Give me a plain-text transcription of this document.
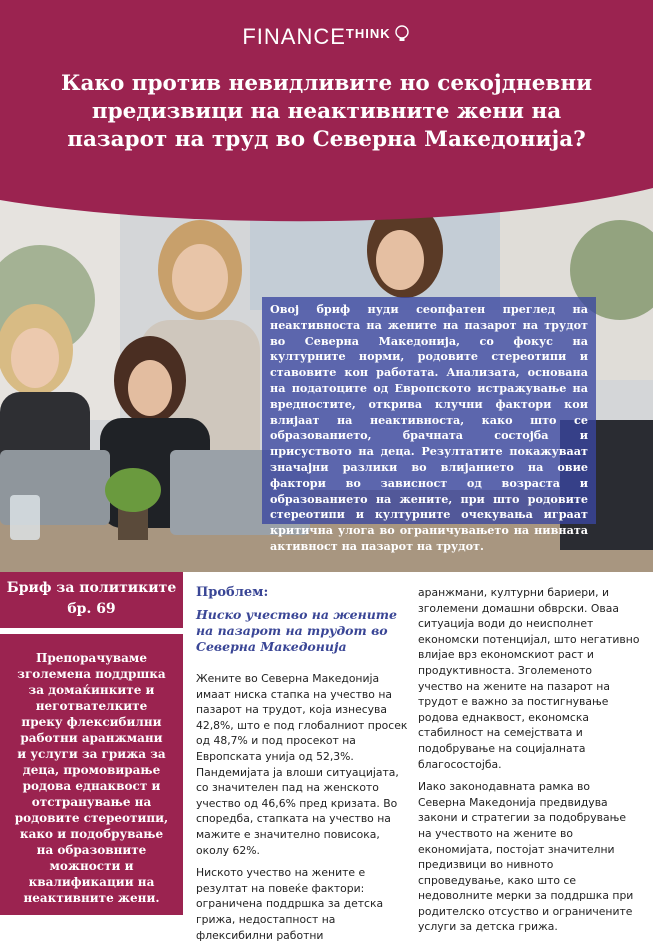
$FINANCE^{THINK}$
Како против невидливите но секојдневни предизвици на неактивните жени на пазарот на труд во Северна Македонија?
Овој бриф нуди сеопфатен преглед на неактивноста на жените на пазарот на трудот во Северна Македонија, со фокус на културните норми, родовите стереотипи и ставовите кон работата. Анализата, основана на податоците од Европското истражување на вредностите, открива клучни фактори кои влијаат на неактивноста, како што се образованието, брачната состојба и присуството на деца. Резултатите покажуваат значајни разлики во влијанието на овие фактори во зависност од возраста и образованието на жените, при што родовите стереотипи и културните очекувања играат критична улога во ограничувањето на нивната активност на пазарот на трудот.
Бриф за политиките бр. 69
Препорачуваме зголемена поддршка за домаќинките и неготвателките преку флексибилни работни аранжмани и услуги за грижа за деца, промовирање родова еднаквост и отстранување на родовите стереотипи, како и подобрување на образовните можности и квалификации на неактивните жени.
Проблем:
Ниско учество на жените на пазарот на трудот во Северна Македонија

Жените во Северна Македонија имаат ниска стапка на учество на пазарот на трудот, која изнесува 42,8%, што е под глобалниот просек од 48,7% и под просекот на Европската унија од 52,3%. Пандемијата ја влоши ситуацијата, со значителен пад на женското учество од 46,6% пред кризата. Во споредба, стапката на учество на мажите е значително повисока, околу 62%.

Ниското учество на жените е резултат на повеќе фактори: ограничена поддршка за детска грижа, недостапност на флексибилни работни

аранжмани, културни бариери, и зголемени домашни обврски. Оваа ситуација води до неисполнет економски потенцијал, што негативно влијае врз економскиот раст и продуктивноста. Зголеменото учество на жените на пазарот на трудот е важно за постигнување родова еднаквост, економска стабилност на семејствата и подобрување на социјалната благосостојба.

Иако законодавната рамка во Северна Македонија предвидува закони и стратегии за подобрување на учеството на жените во економијата, постојат значителни предизвици во нивното спроведување, како што се недоволните мерки за поддршка при родителско отсуство и ограничените услуги за детска грижа.
